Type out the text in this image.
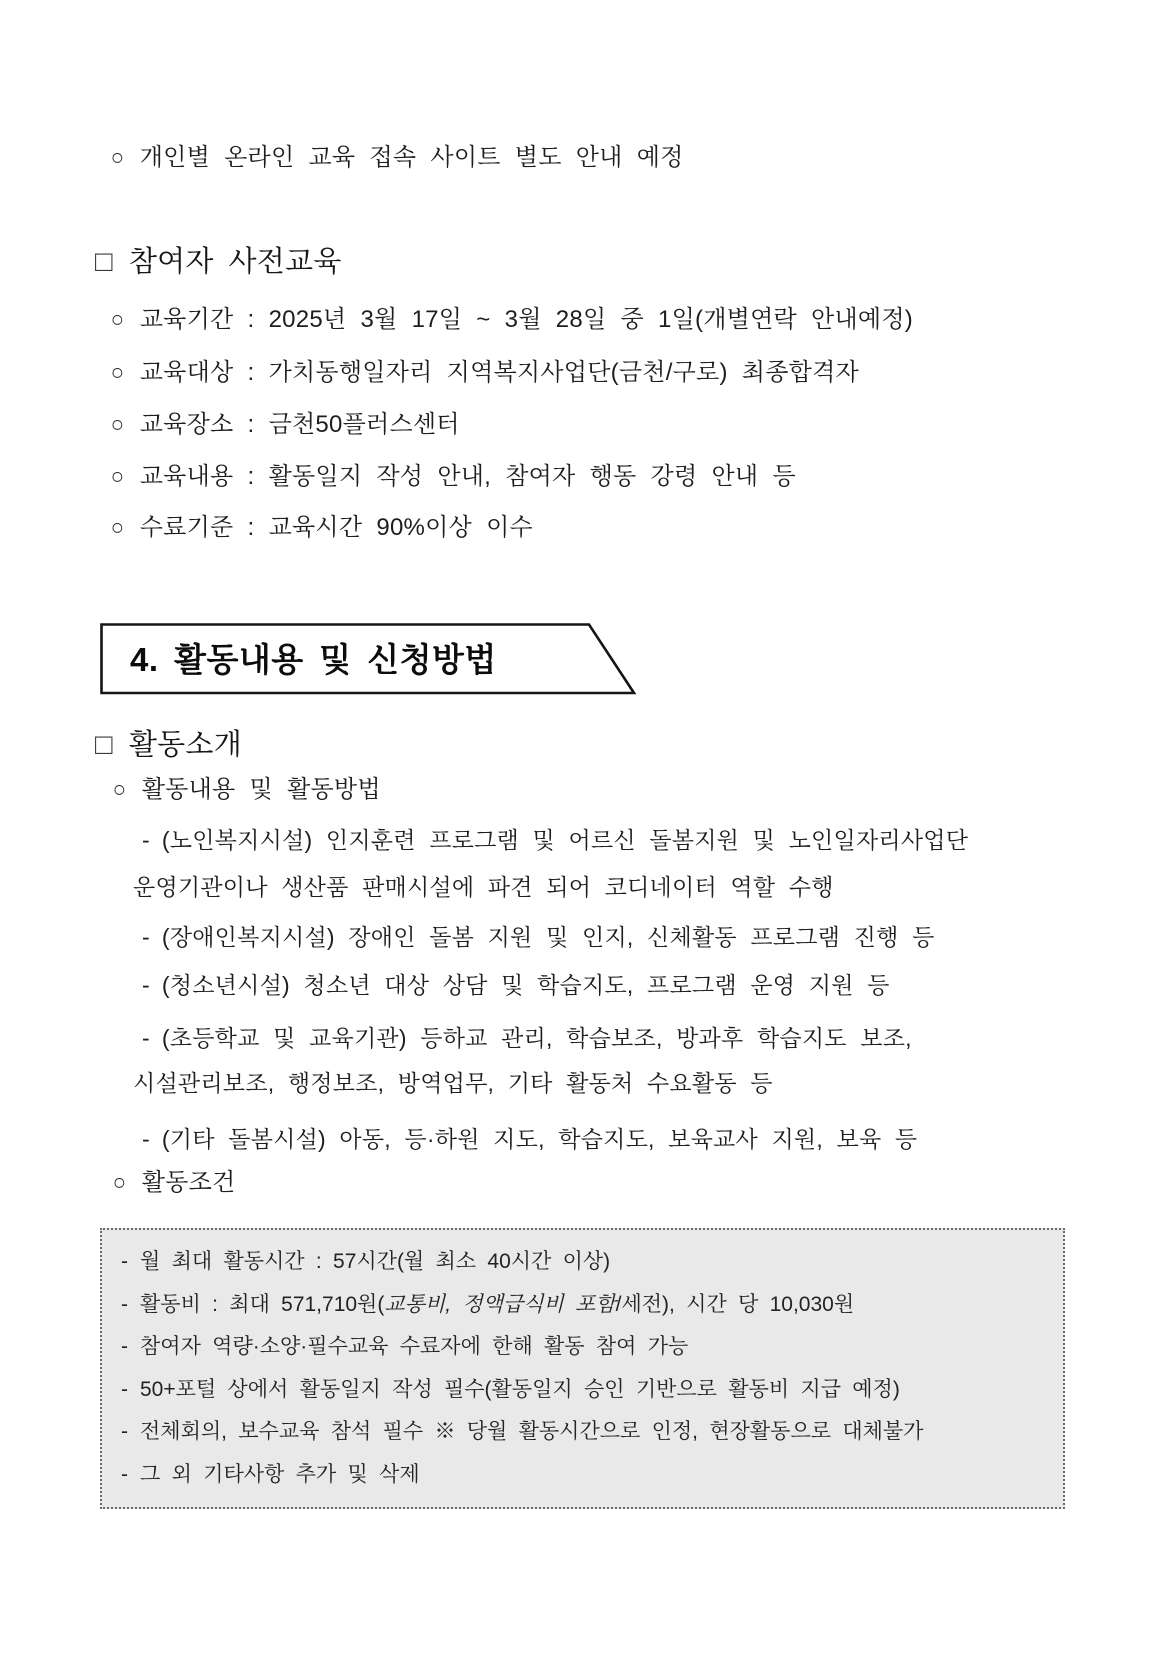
○ 개인별 온라인 교육 접속 사이트 별도 안내 예정
□ 참여자 사전교육
○ 교육기간 : 2025년 3월 17일 ~ 3월 28일 중 1일(개별연락 안내예정)
○ 교육대상 : 가치동행일자리 지역복지사업단(금천/구로) 최종합격자
○ 교육장소 : 금천50플러스센터
○ 교육내용 : 활동일지 작성 안내, 참여자 행동 강령 안내 등
○ 수료기준 : 교육시간 90%이상 이수
4. 활동내용 및 신청방법
□ 활동소개
○ 활동내용 및 활동방법
- (노인복지시설) 인지훈련 프로그램 및 어르신 돌봄지원 및 노인일자리사업단
운영기관이나 생산품 판매시설에 파견 되어 코디네이터 역할 수행
- (장애인복지시설) 장애인 돌봄 지원 및 인지, 신체활동 프로그램 진행 등
- (청소년시설) 청소년 대상 상담 및 학습지도, 프로그램 운영 지원 등
- (초등학교 및 교육기관) 등하교 관리, 학습보조, 방과후 학습지도 보조,
시설관리보조, 행정보조, 방역업무, 기타 활동처 수요활동 등
- (기타 돌봄시설) 아동, 등·하원 지도, 학습지도, 보육교사 지원, 보육 등
○ 활동조건
- 월 최대 활동시간 : 57시간(월 최소 40시간 이상)
- 활동비 : 최대 571,710원(교통비, 정액급식비 포함/세전), 시간 당 10,030원
- 참여자 역량·소양·필수교육 수료자에 한해 활동 참여 가능
- 50+포털 상에서 활동일지 작성 필수(활동일지 승인 기반으로 활동비 지급 예정)
- 전체회의, 보수교육 참석 필수 ※ 당월 활동시간으로 인정, 현장활동으로 대체불가
- 그 외 기타사항 추가 및 삭제
